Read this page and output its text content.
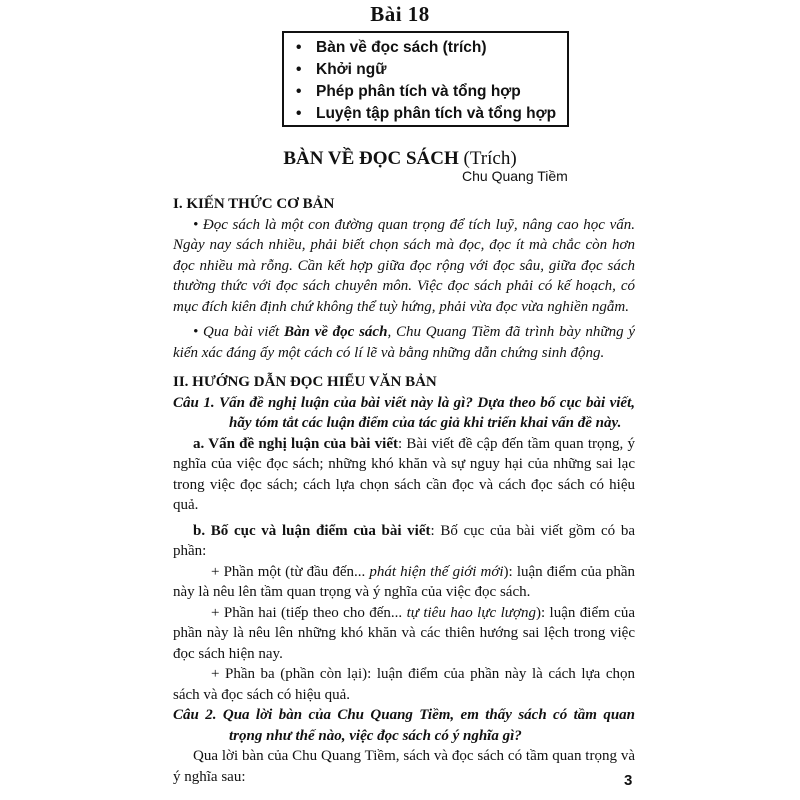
Bài 18
• Bàn về đọc sách (trích)
• Khởi ngữ
• Phép phân tích và tổng hợp
• Luyện tập phân tích và tổng hợp
BÀN VỀ ĐỌC SÁCH (Trích)
Chu Quang Tiềm

I. KIẾN THỨC CƠ BẢN

• Đọc sách là một con đường quan trọng để tích luỹ, nâng cao học vấn. Ngày nay sách nhiều, phải biết chọn sách mà đọc, đọc ít mà chắc còn hơn đọc nhiều mà rỗng. Cần kết hợp giữa đọc rộng với đọc sâu, giữa đọc sách thường thức với đọc sách chuyên môn. Việc đọc sách phải có kế hoạch, có mục đích kiên định chứ không thể tuỳ hứng, phải vừa đọc vừa nghiền ngẫm.

• Qua bài viết Bàn về đọc sách, Chu Quang Tiềm đã trình bày những ý kiến xác đáng ấy một cách có lí lẽ và bằng những dẫn chứng sinh động.

II. HƯỚNG DẪN ĐỌC HIỂU VĂN BẢN

Câu 1. Vấn đề nghị luận của bài viết này là gì? Dựa theo bố cục bài viết, hãy tóm tắt các luận điểm của tác giả khi triển khai vấn đề này.

a. Vấn đề nghị luận của bài viết: Bài viết đề cập đến tầm quan trọng, ý nghĩa của việc đọc sách; những khó khăn và sự nguy hại của những sai lạc trong việc đọc sách; cách lựa chọn sách cần đọc và cách đọc sách có hiệu quả.

b. Bố cục và luận điểm của bài viết: Bố cục của bài viết gồm có ba phần:

+ Phần một (từ đầu đến... phát hiện thế giới mới): luận điểm của phần này là nêu lên tầm quan trọng và ý nghĩa của việc đọc sách.

+ Phần hai (tiếp theo cho đến... tự tiêu hao lực lượng): luận điểm của phần này là nêu lên những khó khăn và các thiên hướng sai lệch trong việc đọc sách hiện nay.

+ Phần ba (phần còn lại): luận điểm của phần này là cách lựa chọn sách và đọc sách có hiệu quả.

Câu 2. Qua lời bàn của Chu Quang Tiềm, em thấy sách có tầm quan trọng như thế nào, việc đọc sách có ý nghĩa gì?

Qua lời bàn của Chu Quang Tiềm, sách và đọc sách có tầm quan trọng và ý nghĩa sau:	3
